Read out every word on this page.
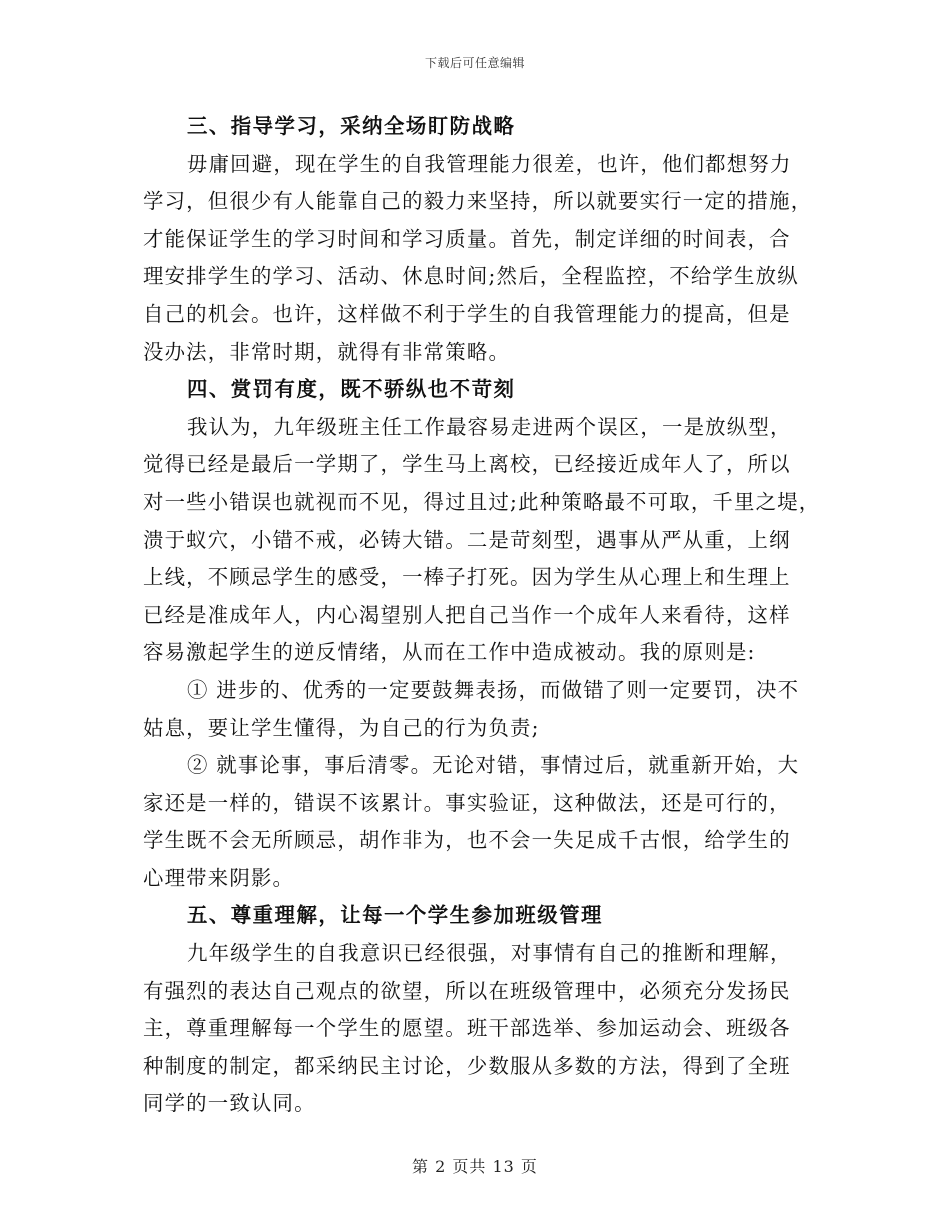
下载后可任意编辑
三、指导学习，采纳全场盯防战略
毋庸回避，现在学生的自我管理能力很差，也许，他们都想努力
学习，但很少有人能靠自己的毅力来坚持，所以就要实行一定的措施，
才能保证学生的学习时间和学习质量。首先，制定详细的时间表，合
理安排学生的学习、活动、休息时间;然后，全程监控，不给学生放纵
自己的机会。也许，这样做不利于学生的自我管理能力的提高，但是
没办法，非常时期，就得有非常策略。
四、赏罚有度，既不骄纵也不苛刻
我认为，九年级班主任工作最容易走进两个误区，一是放纵型，
觉得已经是最后一学期了，学生马上离校，已经接近成年人了，所以
对一些小错误也就视而不见，得过且过;此种策略最不可取，千里之堤，
溃于蚁穴，小错不戒，必铸大错。二是苛刻型，遇事从严从重，上纲
上线，不顾忌学生的感受，一棒子打死。因为学生从心理上和生理上
已经是准成年人，内心渴望别人把自己当作一个成年人来看待，这样
容易激起学生的逆反情绪，从而在工作中造成被动。我的原则是:
① 进步的、优秀的一定要鼓舞表扬，而做错了则一定要罚，决不
姑息，要让学生懂得，为自己的行为负责;
② 就事论事，事后清零。无论对错，事情过后，就重新开始，大
家还是一样的，错误不该累计。事实验证，这种做法，还是可行的，
学生既不会无所顾忌，胡作非为，也不会一失足成千古恨，给学生的
心理带来阴影。
五、尊重理解，让每一个学生参加班级管理
九年级学生的自我意识已经很强，对事情有自己的推断和理解，
有强烈的表达自己观点的欲望，所以在班级管理中，必须充分发扬民
主，尊重理解每一个学生的愿望。班干部选举、参加运动会、班级各
种制度的制定，都采纳民主讨论，少数服从多数的方法，得到了全班
同学的一致认同。
第 2 页共 13 页
